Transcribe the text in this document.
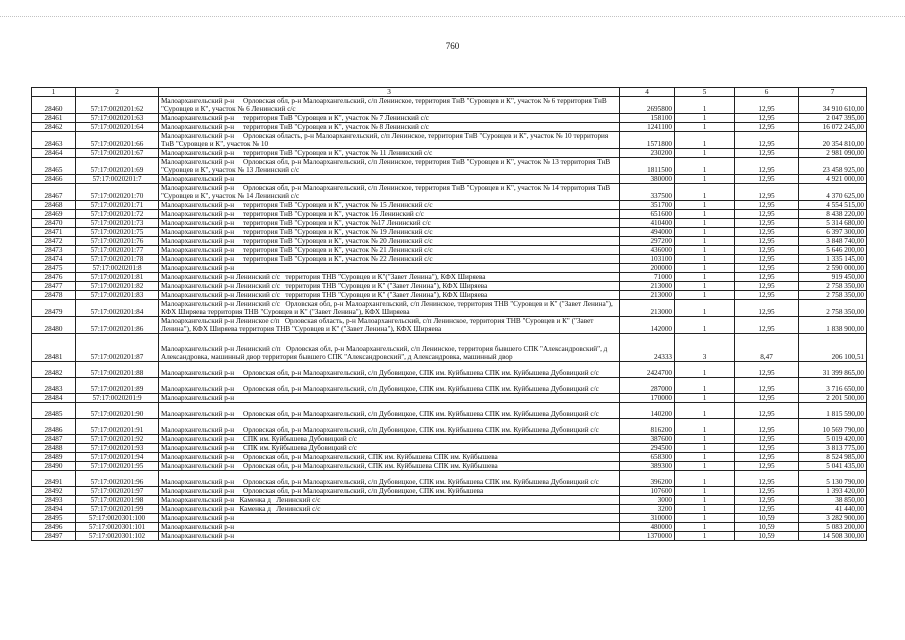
760
1	2	3	4	5	6	7
28460	57:17:0020201:62	Малоархангельский р-н     Орловская обл, р-н Малоархангельский, с/п Ленинское, территория ТнВ "Суровцев и К", участок № 6 территория ТнВ "Суровцев и К", участок № 6 Ленинский с/с	2695800	1	12,95	34 910 610,00
28461	57:17:0020201:63	Малоархангельский р-н     территория ТнВ "Суровцев и К", участок № 7 Ленинский с/с	158100	1	12,95	2 047 395,00
28462	57:17:0020201:64	Малоархангельский р-н     территория ТнВ "Суровцев и К", участок № 8 Ленинский с/с	1241100	1	12,95	16 072 245,00
28463	57:17:0020201:66	Малоархангельский р-н     Орловская область, р-н Малоархангельский, с/п Ленинское, территория ТнВ "Суровцев и К", участок № 10 территория ТнВ "Суровцев и К", участок № 10	1571800	1	12,95	20 354 810,00
28464	57:17:0020201:67	Малоархангельский р-н     территория ТнВ "Суровцев и К", участок № 11 Ленинский с/с	230200	1	12,95	2 981 090,00
28465	57:17:0020201:69	Малоархангельский р-н     Орловская обл, р-н Малоархангельский, с/п Ленинское, территория ТнВ "Суровцев и К", участок № 13 территория ТнВ "Суровцев и К", участок № 13 Ленинский с/с	1811500	1	12,95	23 458 925,00
28466	57:17:0020201:7	Малоархангельский р-н	380000	1	12,95	4 921 000,00
28467	57:17:0020201:70	Малоархангельский р-н     Орловская обл, р-н Малоархангельский, с/п Ленинское, территория ТнВ "Суровцев и К", участок № 14 территория ТнВ "Суровцев и К", участок № 14 Ленинский с/с	337500	1	12,95	4 370 625,00
28468	57:17:0020201:71	Малоархангельский р-н     территория ТнВ "Суровцев и К", участок № 15 Ленинский с/с	351700	1	12,95	4 554 515,00
28469	57:17:0020201:72	Малоархангельский р-н     территория ТнВ "Суровцев и К", участок 16 Ленинский с/с	651600	1	12,95	8 438 220,00
28470	57:17:0020201:73	Малоархангельский р-н     территория ТнВ "Суровцев и К", участок №17 Ленинский с/с	410400	1	12,95	5 314 680,00
28471	57:17:0020201:75	Малоархангельский р-н     территория ТнВ "Суровцев и К", участок № 19 Ленинский с/с	494000	1	12,95	6 397 300,00
28472	57:17:0020201:76	Малоархангельский р-н     территория ТнВ "Суровцев и К", участок № 20 Ленинский с/с	297200	1	12,95	3 848 740,00
28473	57:17:0020201:77	Малоархангельский р-н     территория ТнВ "Суровцев и К", участок № 21 Ленинский с/с	436000	1	12,95	5 646 200,00
28474	57:17:0020201:78	Малоархангельский р-н     территория ТнВ "Суровцев и К", участок № 22 Ленинский с/с	103100	1	12,95	1 335 145,00
28475	57:17:0020201:8	Малоархангельский р-н	200000	1	12,95	2 590 000,00
28476	57:17:0020201:81	Малоархангельский р-н Ленинский с/с   территория ТНВ "Суровцев и К"("Завет Ленина"), КФХ Ширяева	71000	1	12,95	919 450,00
28477	57:17:0020201:82	Малоархангельский р-н Ленинский с/с   территория ТНВ "Суровцев и К" ("Завет Ленина"), КФХ Ширяева	213000	1	12,95	2 758 350,00
28478	57:17:0020201:83	Малоархангельский р-н Ленинский с/с   территория ТНВ "Суровцев и К" ("Завет Ленина"), КФХ Ширяева	213000	1	12,95	2 758 350,00
28479	57:17:0020201:84	Малоархангельский р-н Ленинский с/с   Орловская обл, р-н Малоархангельский, с/п Ленинское, территория ТНВ "Суровцев и К" ("Завет Ленина"), КФХ Ширяева территория ТНВ "Суровцев и К" ("Завет Ленина"), КФХ Ширяева	213000	1	12,95	2 758 350,00
28480	57:17:0020201:86	Малоархангельский р-н Ленинское с/п   Орловская область, р-н Малоархангельский, с/п Ленинское, территория ТНВ "Суровцев и К" ("Завет Ленина"), КФХ Ширяева территория ТНВ "Суровцев и К" ("Завет Ленина"), КФХ Ширяева	142000	1	12,95	1 838 900,00
28481	57:17:0020201:87	Малоархангельский р-н Ленинский с/п   Орловская обл, р-н Малоархангельский, с/п Ленинское, территория бывшего СПК "Александровский", д Александровка, машинный двор территория бывшего СПК "Александровский", д Александровка, машинный двор	24333	3	8,47	206 100,51
28482	57:17:0020201:88	Малоархангельский р-н     Орловская обл, р-н Малоархангельский, с/п Дубовицкое, СПК им. Куйбышева СПК им. Куйбышева Дубовицкий с/с	2424700	1	12,95	31 399 865,00
28483	57:17:0020201:89	Малоархангельский р-н     Орловская обл, р-н Малоархангельский, с/п Дубовицкое, СПК им. Куйбышева СПК им. Куйбышева Дубовицкий с/с	287000	1	12,95	3 716 650,00
28484	57:17:0020201:9	Малоархангельский р-н	170000	1	12,95	2 201 500,00
28485	57:17:0020201:90	Малоархангельский р-н     Орловская обл, р-н Малоархангельский, с/п Дубовицкое, СПК им. Куйбышева СПК им. Куйбышева Дубовицкий с/с	140200	1	12,95	1 815 590,00
28486	57:17:0020201:91	Малоархангельский р-н     Орловская обл, р-н Малоархангельский, с/п Дубовицкое, СПК им. Куйбышева СПК им. Куйбышева Дубовицкий с/с	816200	1	12,95	10 569 790,00
28487	57:17:0020201:92	Малоархангельский р-н     СПК им. Куйбышева Дубовицкий с/с	387600	1	12,95	5 019 420,00
28488	57:17:0020201:93	Малоархангельский р-н     СПК им. Куйбышева Дубовицкий с/с	294500	1	12,95	3 813 775,00
28489	57:17:0020201:94	Малоархангельский р-н     Орловская обл, р-н Малоархангельский, СПК им. Куйбышева СПК им. Куйбышева	658300	1	12,95	8 524 985,00
28490	57:17:0020201:95	Малоархангельский р-н     Орловская обл, р-н Малоархангельский, СПК им. Куйбышева СПК им. Куйбышева	389300	1	12,95	5 041 435,00
28491	57:17:0020201:96	Малоархангельский р-н     Орловская обл, р-н Малоархангельский, с/п Дубовицкое, СПК им. Куйбышева СПК им. Куйбышева Дубовицкий с/с	396200	1	12,95	5 130 790,00
28492	57:17:0020201:97	Малоархангельский р-н     Орловская обл, р-н Малоархангельский, с/п Дубовицкое, СПК им. Куйбышева	107600	1	12,95	1 393 420,00
28493	57:17:0020201:98	Малоархангельский р-н   Каменка д   Ленинский с/с	3000	1	12,95	38 850,00
28494	57:17:0020201:99	Малоархангельский р-н   Каменка д   Ленинский с/с	3200	1	12,95	41 440,00
28495	57:17:0020301:100	Малоархангельский р-н	310000	1	10,59	3 282 900,00
28496	57:17:0020301:101	Малоархангельский р-н	480000	1	10,59	5 083 200,00
28497	57:17:0020301:102	Малоархангельский р-н	1370000	1	10,59	14 508 300,00
